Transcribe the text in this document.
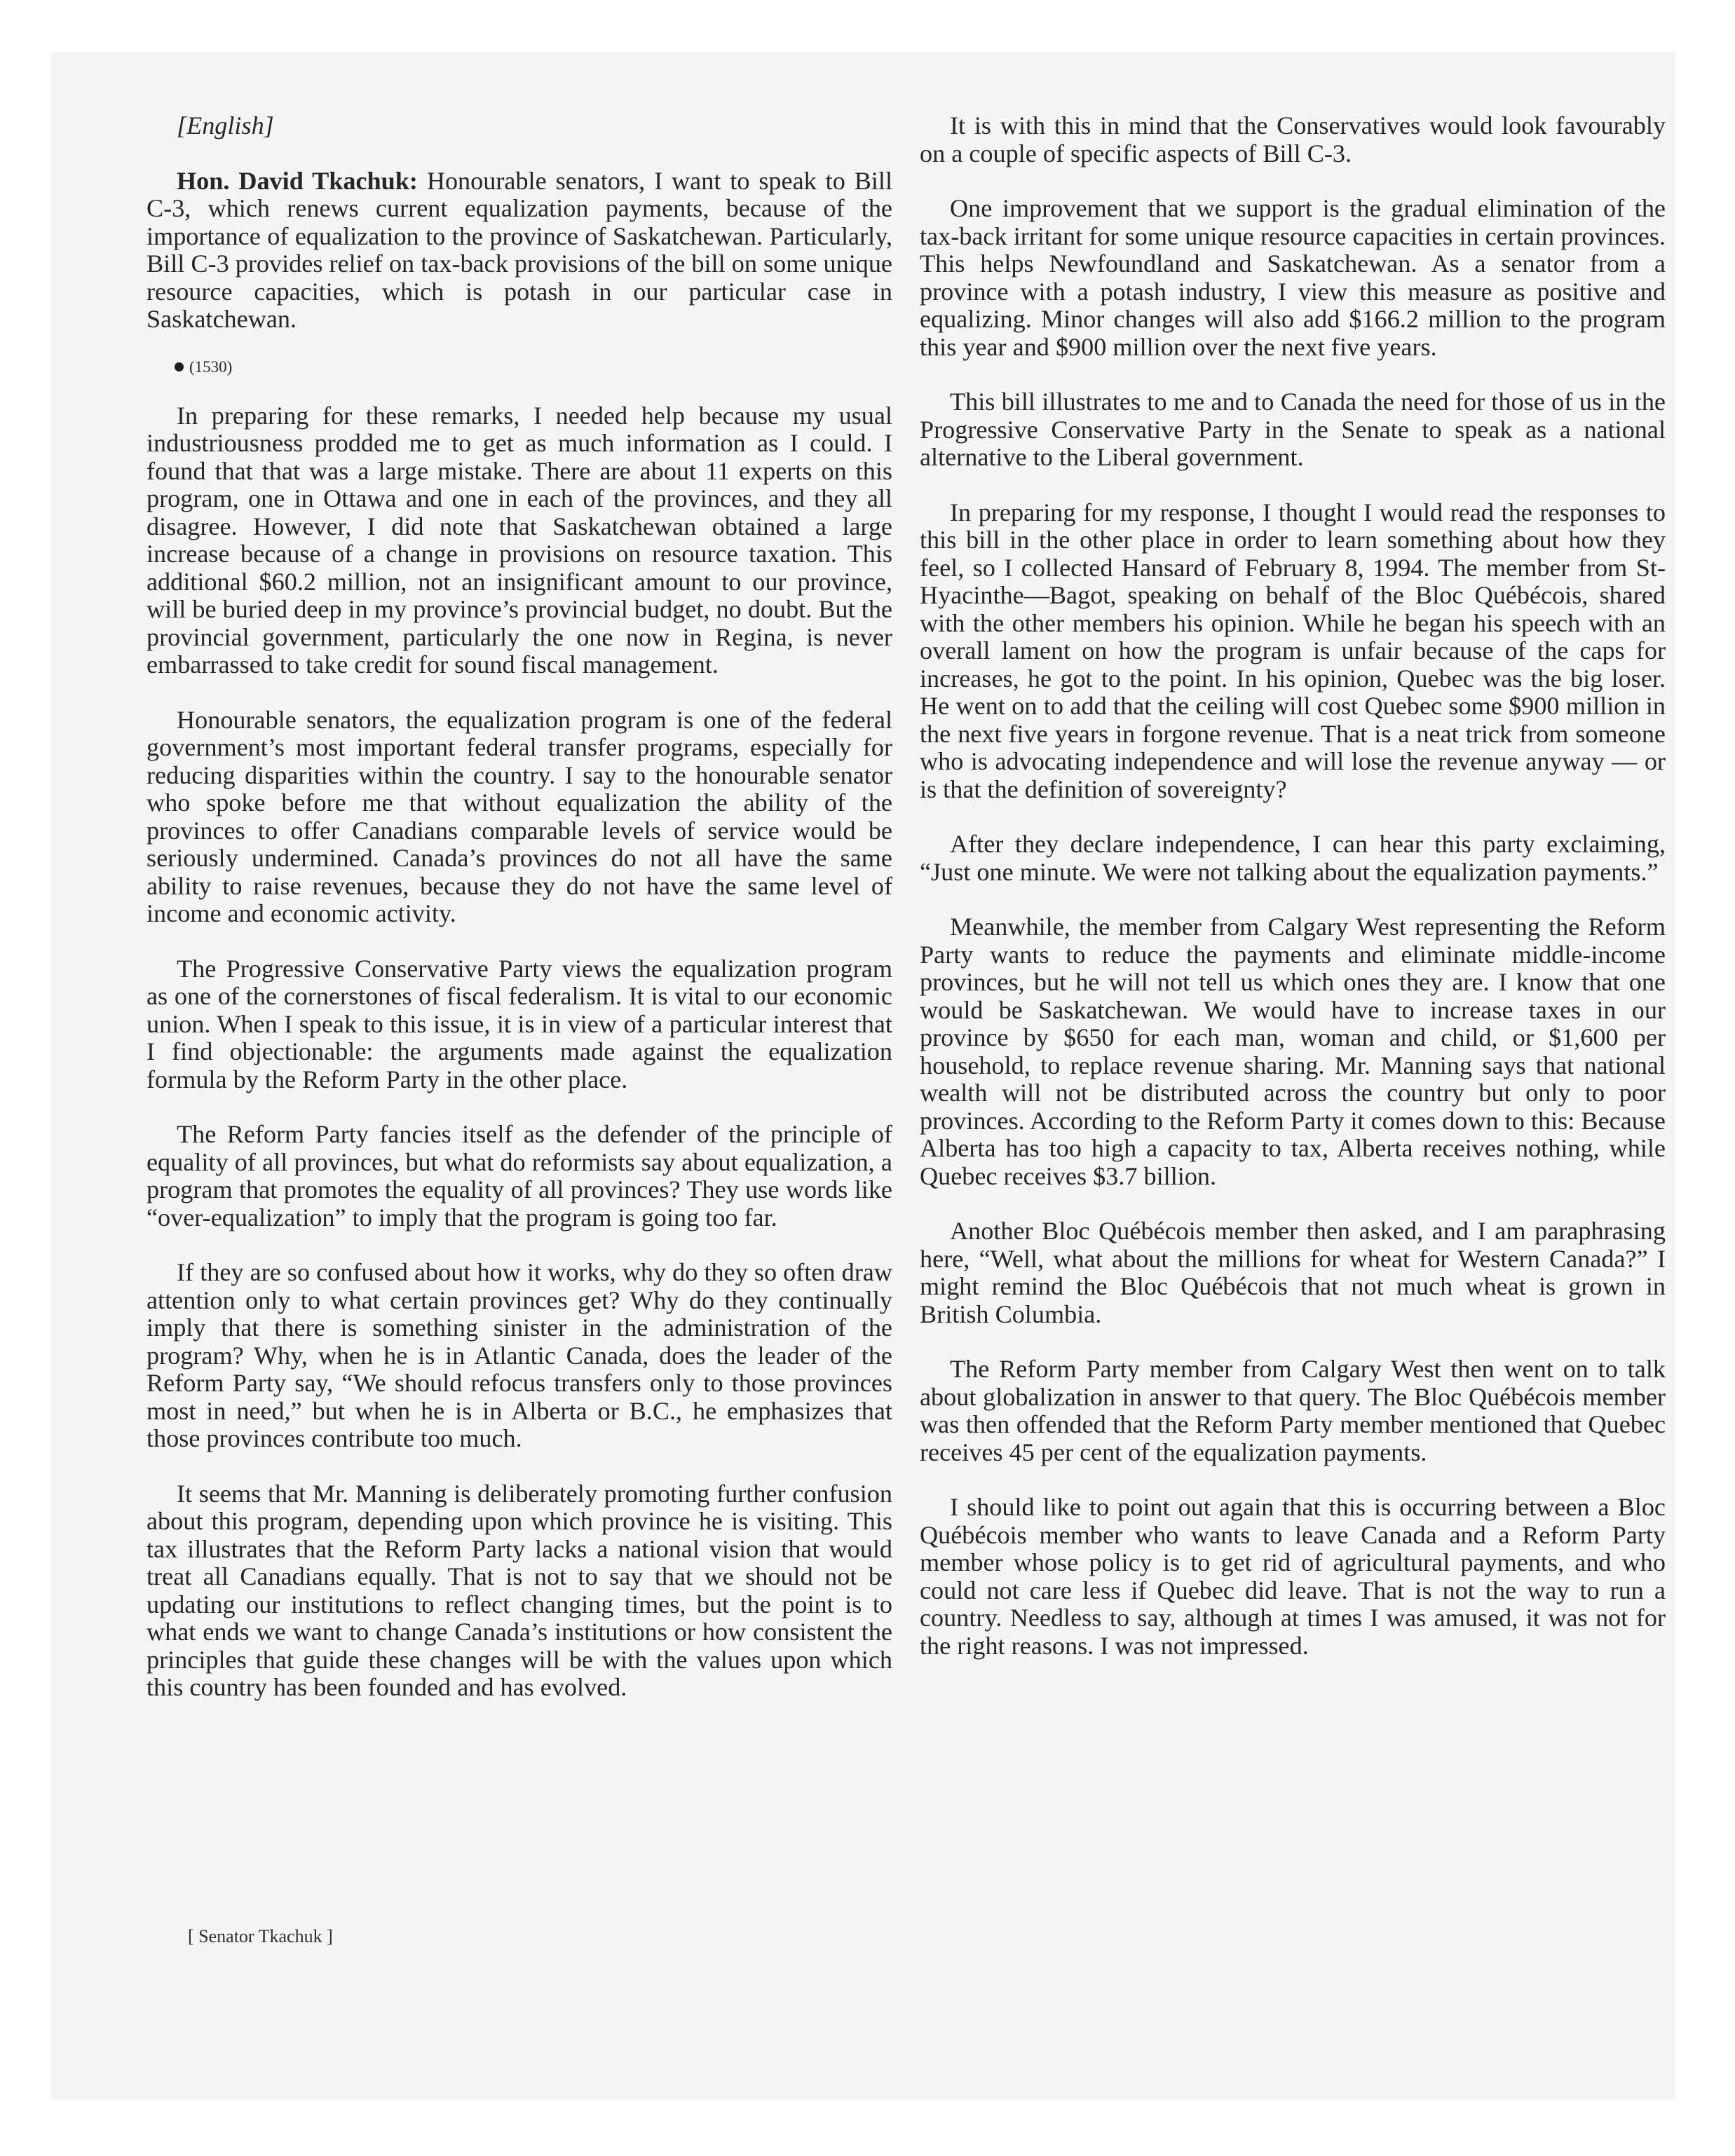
[English]

Hon. David Tkachuk: Honourable senators, I want to speak to Bill C-3, which renews current equalization payments, because of the importance of equalization to the province of Saskatchewan. Particularly, Bill C-3 provides relief on tax-back provisions of the bill on some unique resource capacities, which is potash in our particular case in Saskatchewan.

(1530)

In preparing for these remarks, I needed help because my usual industriousness prodded me to get as much information as I could. I found that that was a large mistake. There are about 11 experts on this program, one in Ottawa and one in each of the provinces, and they all disagree. However, I did note that Saskatchewan obtained a large increase because of a change in provisions on resource taxation. This additional $60.2 million, not an insignificant amount to our province, will be buried deep in my province’s provincial budget, no doubt. But the provincial government, particularly the one now in Regina, is never embarrassed to take credit for sound fiscal management.

Honourable senators, the equalization program is one of the federal government’s most important federal transfer programs, especially for reducing disparities within the country. I say to the honourable senator who spoke before me that without equalization the ability of the provinces to offer Canadians comparable levels of service would be seriously undermined. Canada’s provinces do not all have the same ability to raise revenues, because they do not have the same level of income and economic activity.

The Progressive Conservative Party views the equalization program as one of the cornerstones of fiscal federalism. It is vital to our economic union. When I speak to this issue, it is in view of a particular interest that I find objectionable: the arguments made against the equalization formula by the Reform Party in the other place.

The Reform Party fancies itself as the defender of the principle of equality of all provinces, but what do reformists say about equalization, a program that promotes the equality of all provinces? They use words like “over-equalization” to imply that the program is going too far.

If they are so confused about how it works, why do they so often draw attention only to what certain provinces get? Why do they continually imply that there is something sinister in the administration of the program? Why, when he is in Atlantic Canada, does the leader of the Reform Party say, “We should refocus transfers only to those provinces most in need,” but when he is in Alberta or B.C., he emphasizes that those provinces contribute too much.

It seems that Mr. Manning is deliberately promoting further confusion about this program, depending upon which province he is visiting. This tax illustrates that the Reform Party lacks a national vision that would treat all Canadians equally. That is not to say that we should not be updating our institutions to reflect changing times, but the point is to what ends we want to change Canada’s institutions or how consistent the principles that guide these changes will be with the values upon which this country has been founded and has evolved.

It is with this in mind that the Conservatives would look favourably on a couple of specific aspects of Bill C-3.

One improvement that we support is the gradual elimination of the tax-back irritant for some unique resource capacities in certain provinces. This helps Newfoundland and Saskatchewan. As a senator from a province with a potash industry, I view this measure as positive and equalizing. Minor changes will also add $166.2 million to the program this year and $900 million over the next five years.

This bill illustrates to me and to Canada the need for those of us in the Progressive Conservative Party in the Senate to speak as a national alternative to the Liberal government.

In preparing for my response, I thought I would read the responses to this bill in the other place in order to learn something about how they feel, so I collected Hansard of February 8, 1994. The member from St-Hyacinthe—Bagot, speaking on behalf of the Bloc Québécois, shared with the other members his opinion. While he began his speech with an overall lament on how the program is unfair because of the caps for increases, he got to the point. In his opinion, Quebec was the big loser. He went on to add that the ceiling will cost Quebec some $900 million in the next five years in forgone revenue. That is a neat trick from someone who is advocating independence and will lose the revenue anyway — or is that the definition of sovereignty?

After they declare independence, I can hear this party exclaiming, “Just one minute. We were not talking about the equalization payments.”

Meanwhile, the member from Calgary West representing the Reform Party wants to reduce the payments and eliminate middle-income provinces, but he will not tell us which ones they are. I know that one would be Saskatchewan. We would have to increase taxes in our province by $650 for each man, woman and child, or $1,600 per household, to replace revenue sharing. Mr. Manning says that national wealth will not be distributed across the country but only to poor provinces. According to the Reform Party it comes down to this: Because Alberta has too high a capacity to tax, Alberta receives nothing, while Quebec receives $3.7 billion.

Another Bloc Québécois member then asked, and I am paraphrasing here, “Well, what about the millions for wheat for Western Canada?” I might remind the Bloc Québécois that not much wheat is grown in British Columbia.

The Reform Party member from Calgary West then went on to talk about globalization in answer to that query. The Bloc Québécois member was then offended that the Reform Party member mentioned that Quebec receives 45 per cent of the equalization payments.

I should like to point out again that this is occurring between a Bloc Québécois member who wants to leave Canada and a Reform Party member whose policy is to get rid of agricultural payments, and who could not care less if Quebec did leave. That is not the way to run a country. Needless to say, although at times I was amused, it was not for the right reasons. I was not impressed.

[ Senator Tkachuk ]
